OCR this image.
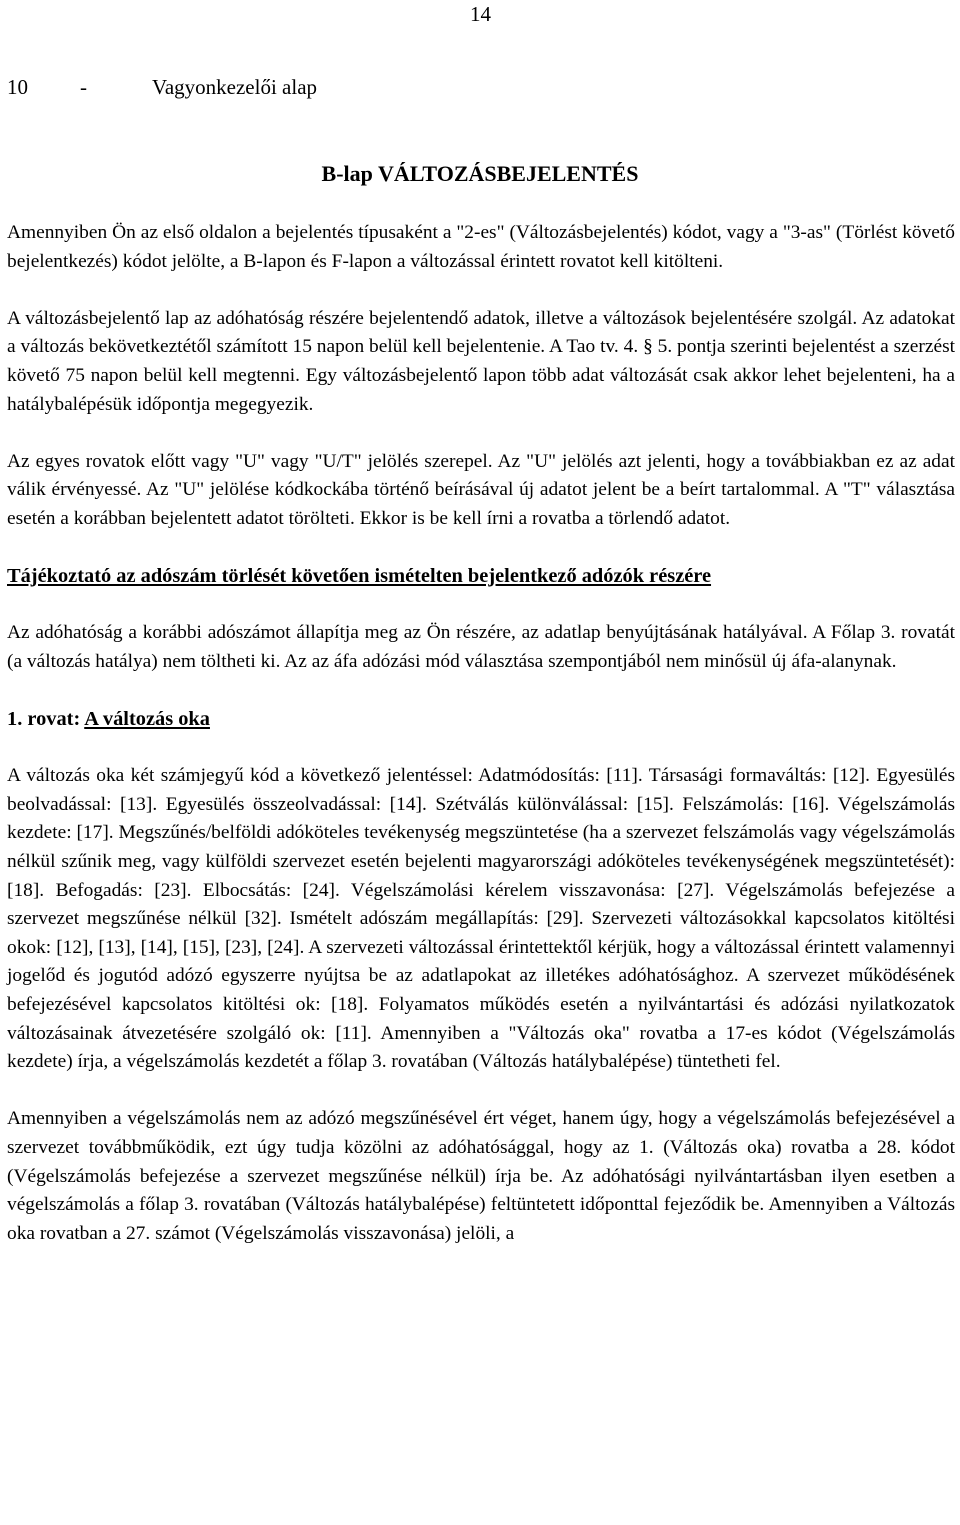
14
10 -	Vagyonkezelői alap
B-lap VÁLTOZÁSBEJELENTÉS

Amennyiben Ön az első oldalon a bejelentés típusaként a "2-es" (Változásbejelentés) kódot, vagy a "3-as" (Törlést követő bejelentkezés) kódot jelölte, a B-lapon és F-lapon a változással érintett rovatot kell kitölteni.

A változásbejelentő lap az adóhatóság részére bejelentendő adatok, illetve a változások bejelentésére szolgál. Az adatokat a változás bekövetkeztétől számított 15 napon belül kell bejelentenie. A Tao tv. 4. § 5. pontja szerinti bejelentést a szerzést követő 75 napon belül kell megtenni. Egy változásbejelentő lapon több adat változását csak akkor lehet bejelenteni, ha a hatálybalépésük időpontja megegyezik.

Az egyes rovatok előtt vagy "U" vagy "U/T" jelölés szerepel. Az "U" jelölés azt jelenti, hogy a továbbiakban ez az adat válik érvényessé. Az "U" jelölése kódkockába történő beírásával új adatot jelent be a beírt tartalommal. A "T" választása esetén a korábban bejelentett adatot törölteti. Ekkor is be kell írni a rovatba a törlendő adatot.

Tájékoztató az adószám törlését követően ismételten bejelentkező adózók részére

Az adóhatóság a korábbi adószámot állapítja meg az Ön részére, az adatlap benyújtásának hatályával. A Főlap 3. rovatát (a változás hatálya) nem töltheti ki. Az az áfa adózási mód választása szempontjából nem minősül új áfa-alanynak.

1. rovat: A változás oka

A változás oka két számjegyű kód a következő jelentéssel: Adatmódosítás: [11]. Társasági formaváltás: [12]. Egyesülés beolvadással: [13]. Egyesülés összeolvadással: [14]. Szétválás különválással: [15]. Felszámolás: [16]. Végelszámolás kezdete: [17]. Megszűnés/belföldi adóköteles tevékenység megszüntetése (ha a szervezet felszámolás vagy végelszámolás nélkül szűnik meg, vagy külföldi szervezet esetén bejelenti magyarországi adóköteles tevékenységének megszüntetését): [18]. Befogadás: [23]. Elbocsátás: [24]. Végelszámolási kérelem visszavonása: [27]. Végelszámolás befejezése a szervezet megszűnése nélkül [32]. Ismételt adószám megállapítás: [29]. Szervezeti változásokkal kapcsolatos kitöltési okok: [12], [13], [14], [15], [23], [24]. A szervezeti változással érintettektől kérjük, hogy a változással érintett valamennyi jogelőd és jogutód adózó egyszerre nyújtsa be az adatlapokat az illetékes adóhatósághoz. A szervezet működésének befejezésével kapcsolatos kitöltési ok: [18]. Folyamatos működés esetén a nyilvántartási és adózási nyilatkozatok változásainak átvezetésére szolgáló ok: [11]. Amennyiben a "Változás oka" rovatba a 17-es kódot (Végelszámolás kezdete) írja, a végelszámolás kezdetét a főlap 3. rovatában (Változás hatálybalépése) tüntetheti fel.

Amennyiben a végelszámolás nem az adózó megszűnésével ért véget, hanem úgy, hogy a végelszámolás befejezésével a szervezet továbbműködik, ezt úgy tudja közölni az adóhatósággal, hogy az 1. (Változás oka) rovatba a 28. kódot (Végelszámolás befejezése a szervezet megszűnése nélkül) írja be. Az adóhatósági nyilvántartásban ilyen esetben a végelszámolás a főlap 3. rovatában (Változás hatálybalépése) feltüntetett időponttal fejeződik be. Amennyiben a Változás oka rovatban a 27. számot (Végelszámolás visszavonása) jelöli, a
